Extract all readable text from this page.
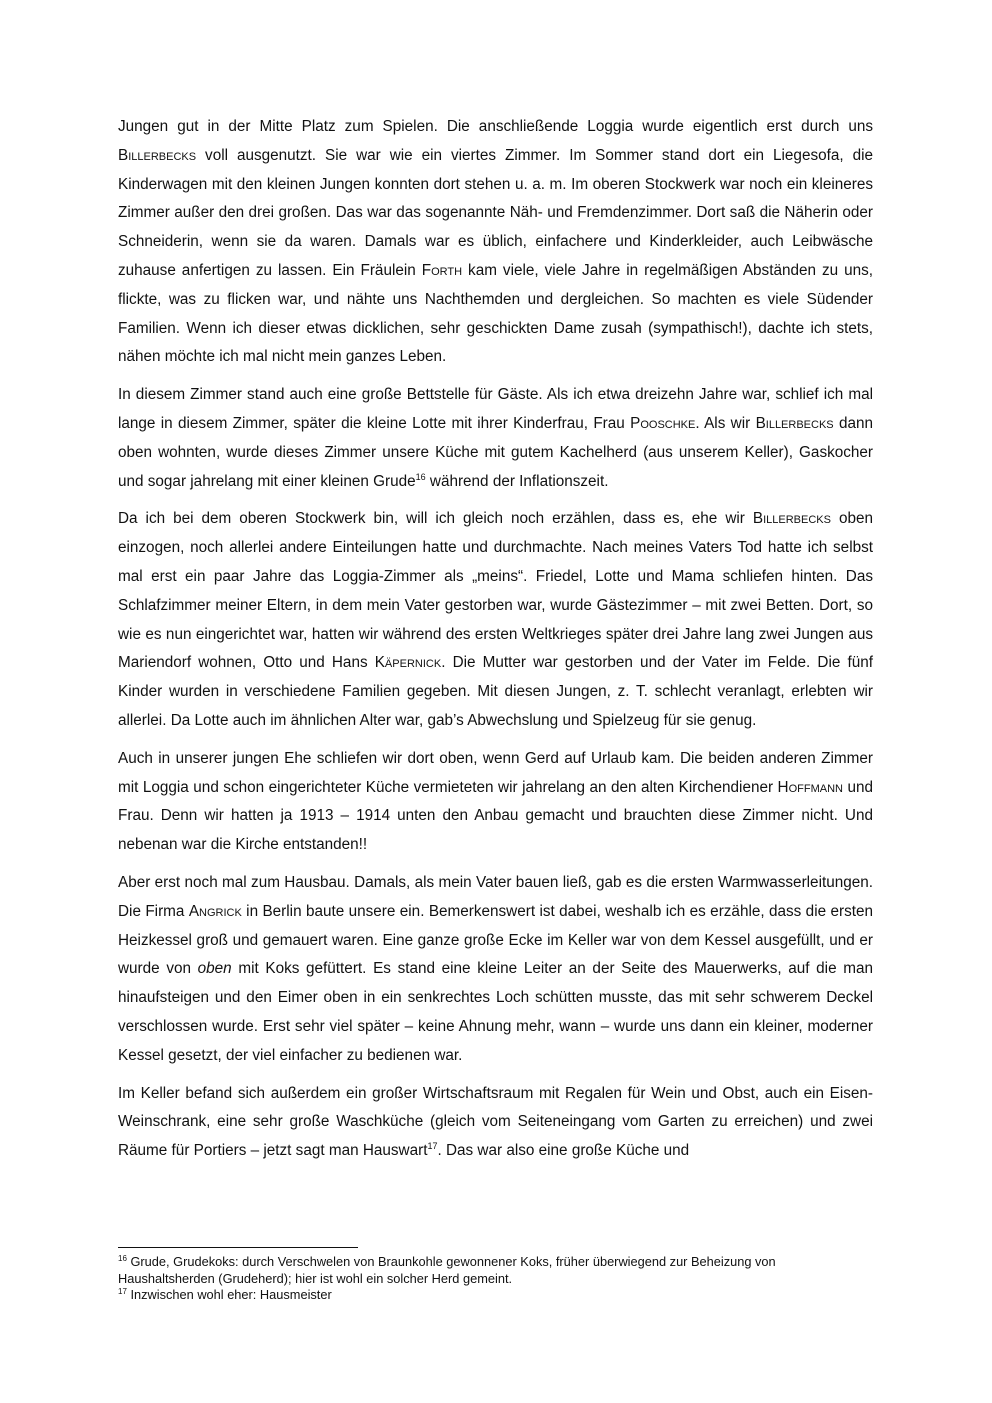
Jungen gut in der Mitte Platz zum Spielen. Die anschließende Loggia wurde eigentlich erst durch uns Billerbecks voll ausgenutzt. Sie war wie ein viertes Zimmer. Im Sommer stand dort ein Liegesofa, die Kinderwagen mit den kleinen Jungen konnten dort stehen u. a. m. Im oberen Stockwerk war noch ein kleineres Zimmer außer den drei großen. Das war das sogenannte Näh- und Fremdenzimmer. Dort saß die Näherin oder Schneiderin, wenn sie da waren. Damals war es üblich, einfachere und Kinderkleider, auch Leibwäsche zuhause anfertigen zu lassen. Ein Fräulein Forth kam viele, viele Jahre in regelmäßigen Abständen zu uns, flickte, was zu flicken war, und nähte uns Nachthemden und dergleichen. So machten es viele Südender Familien. Wenn ich dieser etwas dicklichen, sehr geschickten Dame zusah (sympathisch!), dachte ich stets, nähen möchte ich mal nicht mein ganzes Leben.

In diesem Zimmer stand auch eine große Bettstelle für Gäste. Als ich etwa dreizehn Jahre war, schlief ich mal lange in diesem Zimmer, später die kleine Lotte mit ihrer Kinderfrau, Frau Pooschke. Als wir Billerbecks dann oben wohnten, wurde dieses Zimmer unsere Küche mit gutem Kachelherd (aus unserem Keller), Gaskocher und sogar jahrelang mit einer kleinen Grude$^{16}$ während der Inflationszeit.

Da ich bei dem oberen Stockwerk bin, will ich gleich noch erzählen, dass es, ehe wir Billerbecks oben einzogen, noch allerlei andere Einteilungen hatte und durchmachte. Nach meines Vaters Tod hatte ich selbst mal erst ein paar Jahre das Loggia-Zimmer als „meins“. Friedel, Lotte und Mama schliefen hinten. Das Schlafzimmer meiner Eltern, in dem mein Vater gestorben war, wurde Gästezimmer – mit zwei Betten. Dort, so wie es nun eingerichtet war, hatten wir während des ersten Weltkrieges später drei Jahre lang zwei Jungen aus Mariendorf wohnen, Otto und Hans Käpernick. Die Mutter war gestorben und der Vater im Felde. Die fünf Kinder wurden in verschiedene Familien gegeben. Mit diesen Jungen, z. T. schlecht veranlagt, erlebten wir allerlei. Da Lotte auch im ähnlichen Alter war, gab’s Abwechslung und Spielzeug für sie genug.

Auch in unserer jungen Ehe schliefen wir dort oben, wenn Gerd auf Urlaub kam. Die beiden anderen Zimmer mit Loggia und schon eingerichteter Küche vermieteten wir jahrelang an den alten Kirchendiener Hoffmann und Frau. Denn wir hatten ja 1913 – 1914 unten den Anbau gemacht und brauchten diese Zimmer nicht. Und nebenan war die Kirche entstanden!!

Aber erst noch mal zum Hausbau. Damals, als mein Vater bauen ließ, gab es die ersten Warmwasserleitungen. Die Firma Angrick in Berlin baute unsere ein. Bemerkenswert ist dabei, weshalb ich es erzähle, dass die ersten Heizkessel groß und gemauert waren. Eine ganze große Ecke im Keller war von dem Kessel ausgefüllt, und er wurde von oben mit Koks gefüttert. Es stand eine kleine Leiter an der Seite des Mauerwerks, auf die man hinaufsteigen und den Eimer oben in ein senkrechtes Loch schütten musste, das mit sehr schwerem Deckel verschlossen wurde. Erst sehr viel später – keine Ahnung mehr, wann – wurde uns dann ein kleiner, moderner Kessel gesetzt, der viel einfacher zu bedienen war.

Im Keller befand sich außerdem ein großer Wirtschaftsraum mit Regalen für Wein und Obst, auch ein Eisen-Weinschrank, eine sehr große Waschküche (gleich vom Seiteneingang vom Garten zu erreichen) und zwei Räume für Portiers – jetzt sagt man Hauswart$^{17}$. Das war also eine große Küche und

$^{16}$ Grude, Grudekoks: durch Verschwelen von Braunkohle gewonnener Koks, früher überwiegend zur Beheizung von Haushaltsherden (Grudeherd); hier ist wohl ein solcher Herd gemeint.

$^{17}$ Inzwischen wohl eher: Hausmeister
